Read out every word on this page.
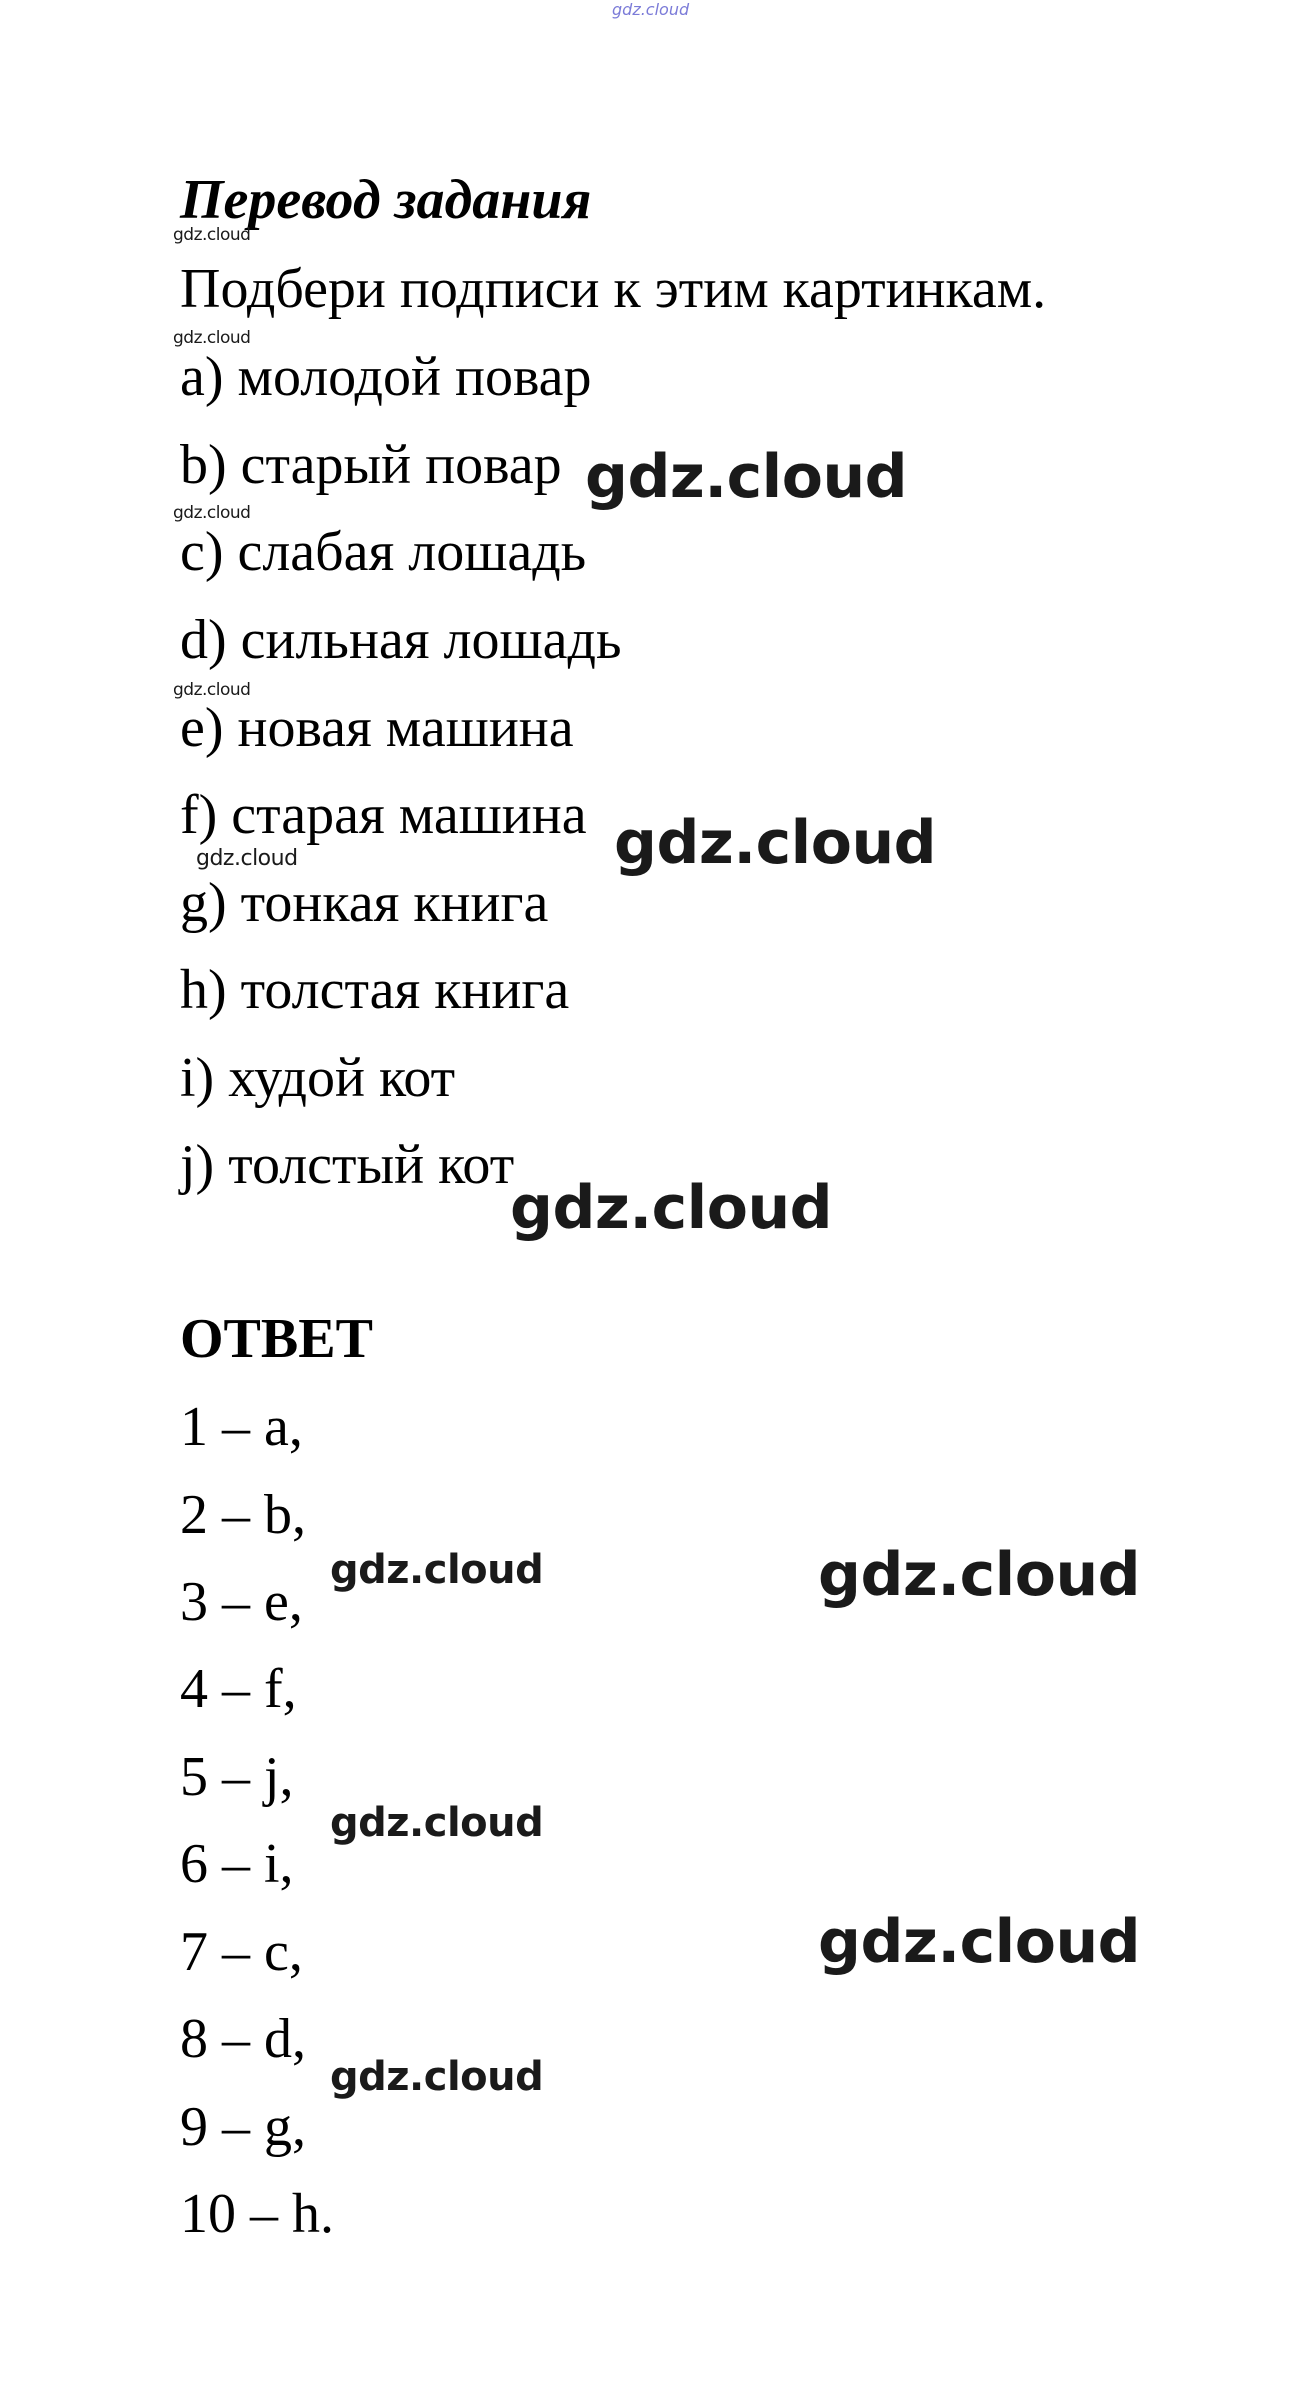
gdz.cloud
Перевод задания
Подбери подписи к этим картинкам.
a) молодой повар
b) старый повар
c) слабая лошадь
d) сильная лошадь
e) новая машина
f) старая машина
g) тонкая книга
h) толстая книга
i) худой кот
j) толстый кот
ОТВЕТ
1 – a,
2 – b,
3 – e,
4 – f,
5 – j,
6 – i,
7 – c,
8 – d,
9 – g,
10 – h.
gdz.cloud
gdz.cloud
gdz.cloud
gdz.cloud
gdz.cloud
gdz.cloud
gdz.cloud
gdz.cloud
gdz.cloud	gdz.cloud
gdz.cloud
gdz.cloud
gdz.cloud
